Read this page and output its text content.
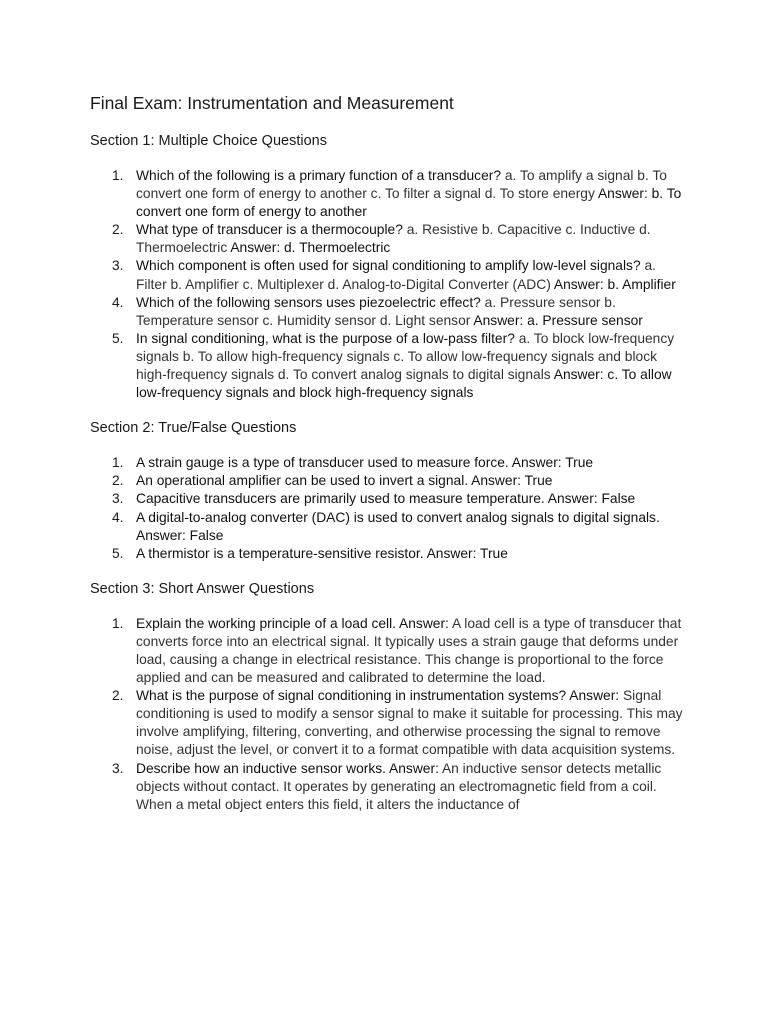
Final Exam: Instrumentation and Measurement
Section 1: Multiple Choice Questions
1. Which of the following is a primary function of a transducer? a. To amplify a signal b. To convert one form of energy to another c. To filter a signal d. To store energy Answer: b. To convert one form of energy to another
2. What type of transducer is a thermocouple? a. Resistive b. Capacitive c. Inductive d. Thermoelectric Answer: d. Thermoelectric
3. Which component is often used for signal conditioning to amplify low-level signals? a. Filter b. Amplifier c. Multiplexer d. Analog-to-Digital Converter (ADC) Answer: b. Amplifier
4. Which of the following sensors uses piezoelectric effect? a. Pressure sensor b. Temperature sensor c. Humidity sensor d. Light sensor Answer: a. Pressure sensor
5. In signal conditioning, what is the purpose of a low-pass filter? a. To block low-frequency signals b. To allow high-frequency signals c. To allow low-frequency signals and block high-frequency signals d. To convert analog signals to digital signals Answer: c. To allow low-frequency signals and block high-frequency signals
Section 2: True/False Questions
1. A strain gauge is a type of transducer used to measure force. Answer: True
2. An operational amplifier can be used to invert a signal. Answer: True
3. Capacitive transducers are primarily used to measure temperature. Answer: False
4. A digital-to-analog converter (DAC) is used to convert analog signals to digital signals. Answer: False
5. A thermistor is a temperature-sensitive resistor. Answer: True
Section 3: Short Answer Questions
1. Explain the working principle of a load cell. Answer: A load cell is a type of transducer that converts force into an electrical signal. It typically uses a strain gauge that deforms under load, causing a change in electrical resistance. This change is proportional to the force applied and can be measured and calibrated to determine the load.
2. What is the purpose of signal conditioning in instrumentation systems? Answer: Signal conditioning is used to modify a sensor signal to make it suitable for processing. This may involve amplifying, filtering, converting, and otherwise processing the signal to remove noise, adjust the level, or convert it to a format compatible with data acquisition systems.
3. Describe how an inductive sensor works. Answer: An inductive sensor detects metallic objects without contact. It operates by generating an electromagnetic field from a coil. When a metal object enters this field, it alters the inductance of
